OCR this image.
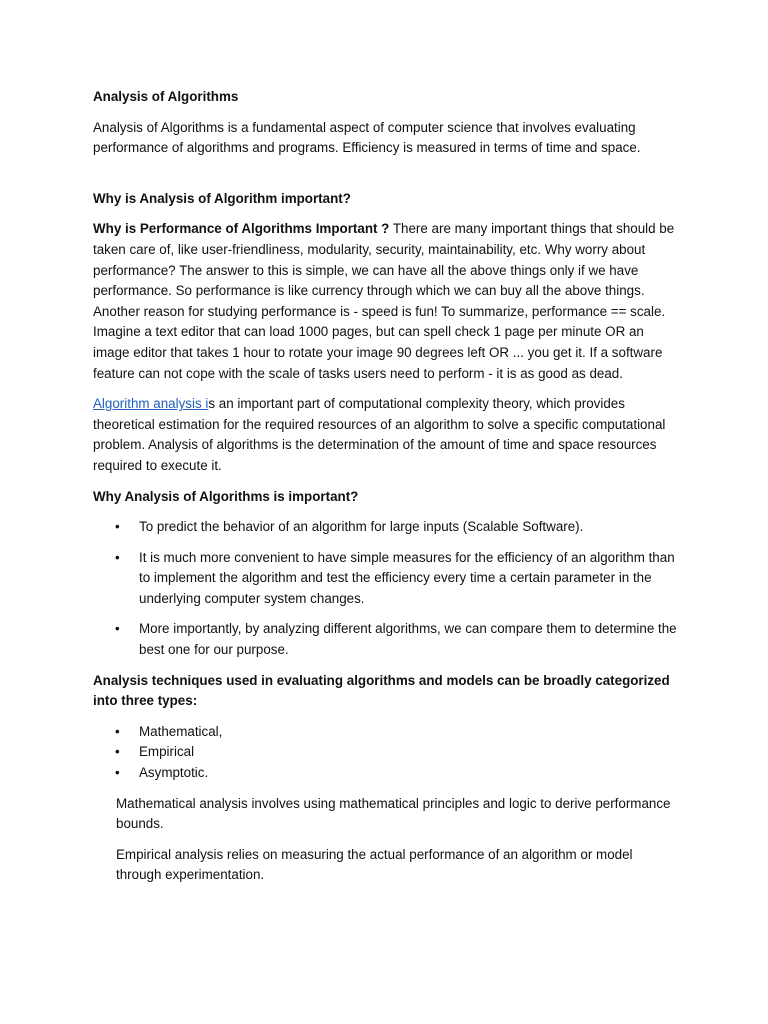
Analysis of Algorithms

Analysis of Algorithms is a fundamental aspect of computer science that involves evaluating performance of algorithms and programs. Efficiency is measured in terms of time and space.

Why is Analysis of Algorithm important?

Why is Performance of Algorithms Important ? There are many important things that should be taken care of, like user-friendliness, modularity, security, maintainability, etc. Why worry about performance? The answer to this is simple, we can have all the above things only if we have performance. So performance is like currency through which we can buy all the above things. Another reason for studying performance is - speed is fun! To summarize, performance == scale. Imagine a text editor that can load 1000 pages, but can spell check 1 page per minute OR an image editor that takes 1 hour to rotate your image 90 degrees left OR ... you get it. If a software feature can not cope with the scale of tasks users need to perform - it is as good as dead.

Algorithm analysis is an important part of computational complexity theory, which provides theoretical estimation for the required resources of an algorithm to solve a specific computational problem. Analysis of algorithms is the determination of the amount of time and space resources required to execute it.

Why Analysis of Algorithms is important?

• To predict the behavior of an algorithm for large inputs (Scalable Software).
• It is much more convenient to have simple measures for the efficiency of an algorithm than to implement the algorithm and test the efficiency every time a certain parameter in the underlying computer system changes.
• More importantly, by analyzing different algorithms, we can compare them to determine the best one for our purpose.

Analysis techniques used in evaluating algorithms and models can be broadly categorized into three types:

• Mathematical,
• Empirical
• Asymptotic.

Mathematical analysis involves using mathematical principles and logic to derive performance bounds.

Empirical analysis relies on measuring the actual performance of an algorithm or model through experimentation.
